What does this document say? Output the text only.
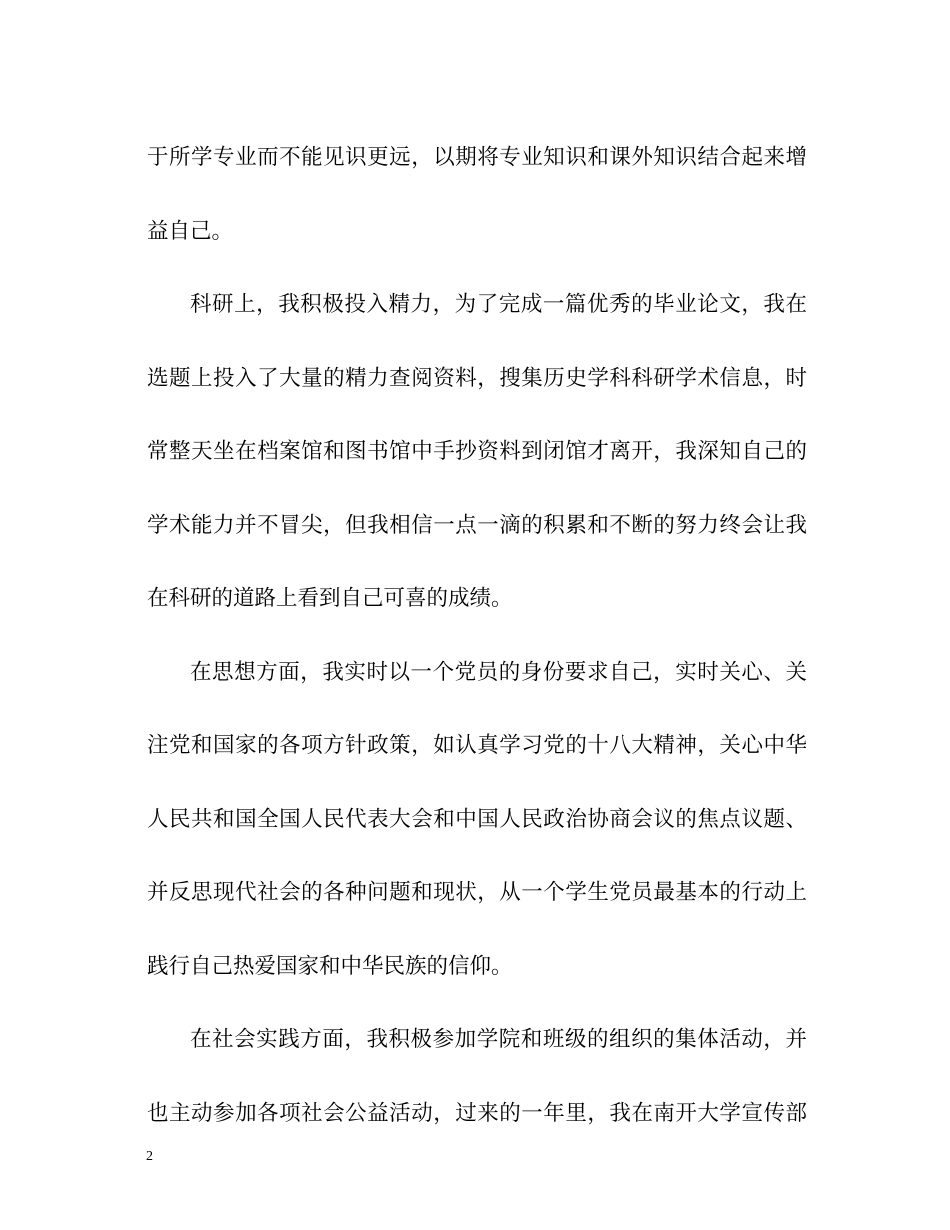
于所学专业而不能见识更远，以期将专业知识和课外知识结合起来增
益自己。
科研上，我积极投入精力，为了完成一篇优秀的毕业论文，我在
选题上投入了大量的精力查阅资料，搜集历史学科科研学术信息，时
常整天坐在档案馆和图书馆中手抄资料到闭馆才离开，我深知自己的
学术能力并不冒尖，但我相信一点一滴的积累和不断的努力终会让我
在科研的道路上看到自己可喜的成绩。
在思想方面，我实时以一个党员的身份要求自己，实时关心、关
注党和国家的各项方针政策，如认真学习党的十八大精神，关心中华
人民共和国全国人民代表大会和中国人民政治协商会议的焦点议题、
并反思现代社会的各种问题和现状，从一个学生党员最基本的行动上
践行自己热爱国家和中华民族的信仰。
在社会实践方面，我积极参加学院和班级的组织的集体活动，并
也主动参加各项社会公益活动，过来的一年里，我在南开大学宣传部
2
